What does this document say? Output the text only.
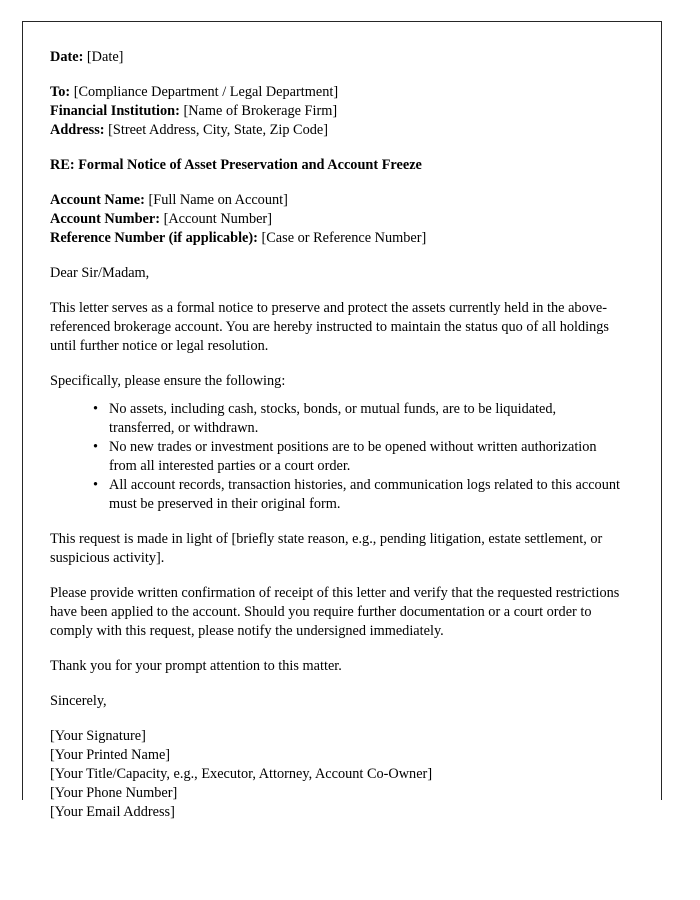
Date: [Date]
To: [Compliance Department / Legal Department]
Financial Institution: [Name of Brokerage Firm]
Address: [Street Address, City, State, Zip Code]
RE: Formal Notice of Asset Preservation and Account Freeze
Account Name: [Full Name on Account]
Account Number: [Account Number]
Reference Number (if applicable): [Case or Reference Number]
Dear Sir/Madam,

This letter serves as a formal notice to preserve and protect the assets currently held in the above-referenced brokerage account. You are hereby instructed to maintain the status quo of all holdings until further notice or legal resolution.

Specifically, please ensure the following:

• No assets, including cash, stocks, bonds, or mutual funds, are to be liquidated, transferred, or withdrawn.
• No new trades or investment positions are to be opened without written authorization from all interested parties or a court order.
• All account records, transaction histories, and communication logs related to this account must be preserved in their original form.

This request is made in light of [briefly state reason, e.g., pending litigation, estate settlement, or suspicious activity].

Please provide written confirmation of receipt of this letter and verify that the requested restrictions have been applied to the account. Should you require further documentation or a court order to comply with this request, please notify the undersigned immediately.

Thank you for your prompt attention to this matter.

Sincerely,
[Your Signature]
[Your Printed Name]
[Your Title/Capacity, e.g., Executor, Attorney, Account Co-Owner]
[Your Phone Number]
[Your Email Address]
